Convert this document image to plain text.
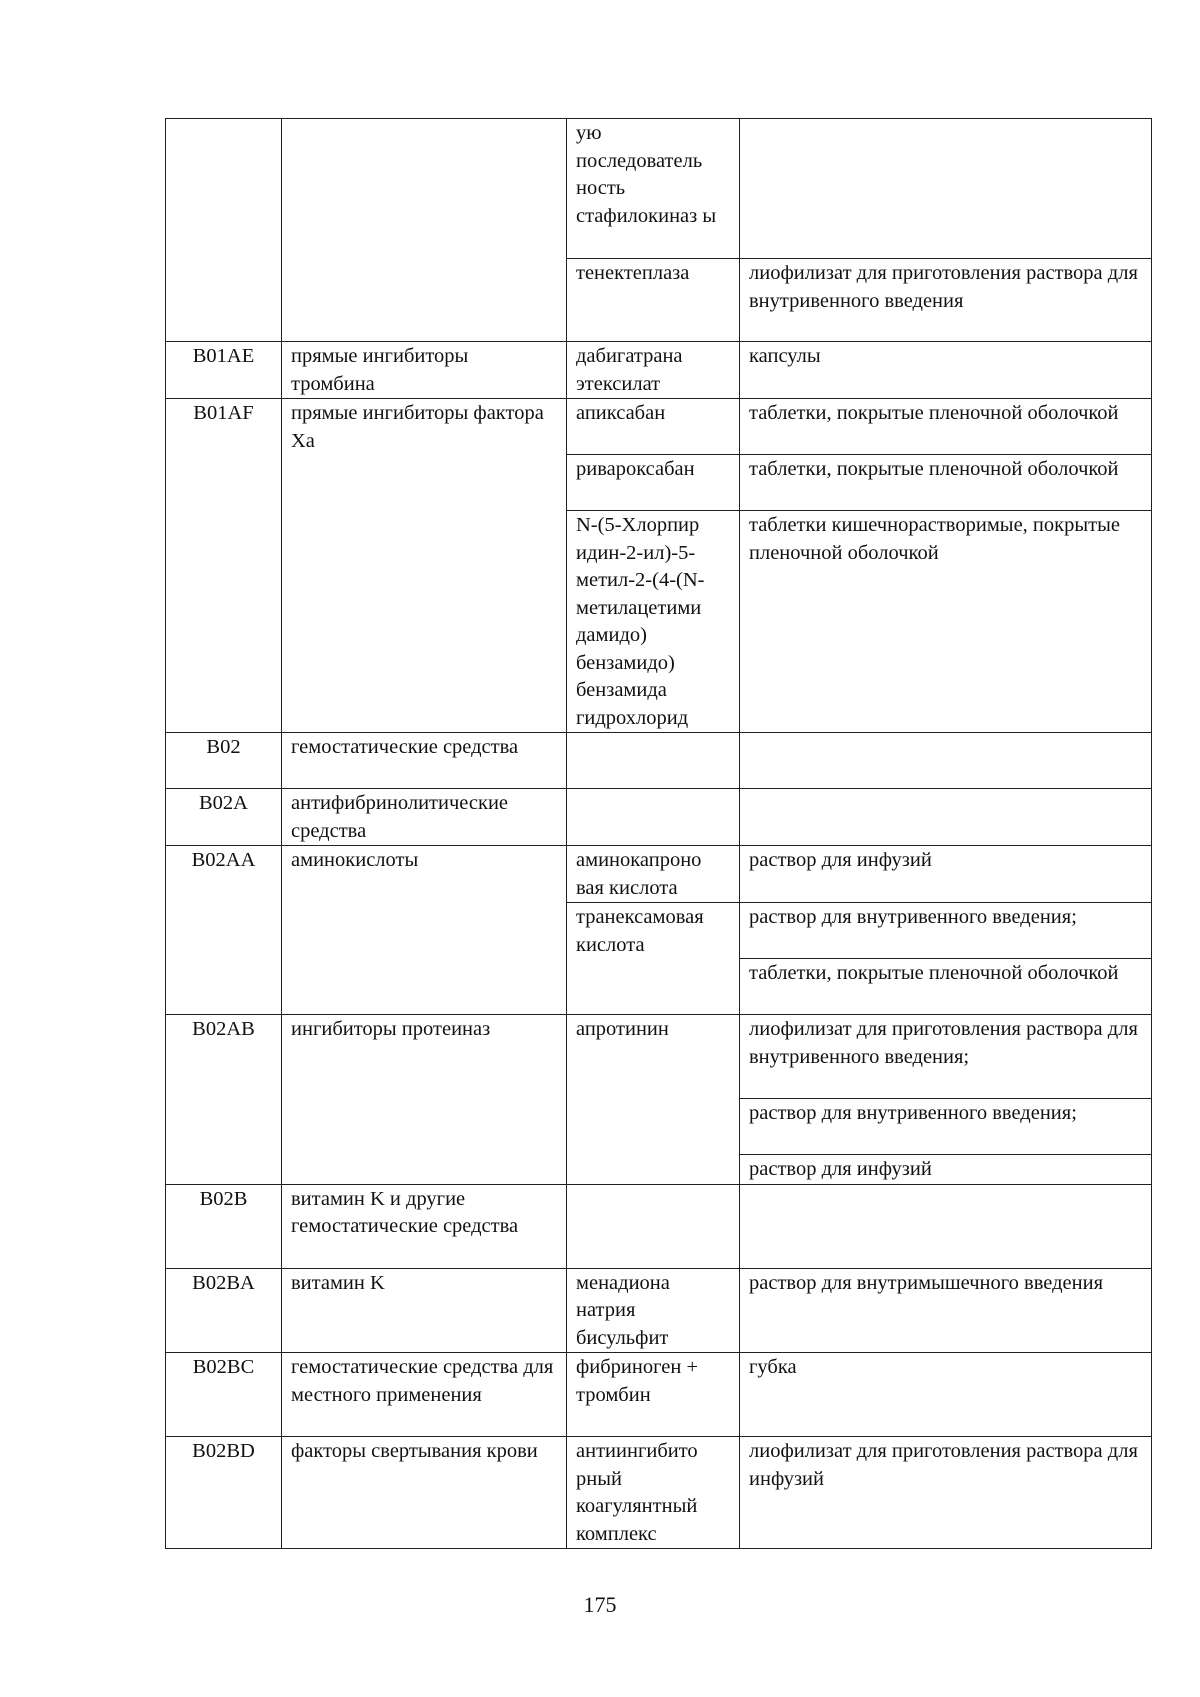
		ую последователь ность стафилокиназ ы	
		тенектеплаза	лиофилизат для приготовления раствора для внутривенного введения
B01AE	прямые ингибиторы тромбина	дабигатрана этексилат	капсулы
B01AF	прямые ингибиторы фактора Xa	апиксабан	таблетки, покрытые пленочной оболочкой
		ривароксабан	таблетки, покрытые пленочной оболочкой
		N-(5-Хлорпир идин-2-ил)-5- метил-2-(4-(N- метилацетими дамидо) бензамидо) бензамида гидрохлорид	таблетки кишечнорастворимые, покрытые пленочной оболочкой
B02	гемостатические средства		
B02A	антифибринолитические средства		
B02AA	аминокислоты	аминокапроно вая кислота	раствор для инфузий
		транексамовая кислота	раствор для внутривенного введения;
			таблетки, покрытые пленочной оболочкой
B02AB	ингибиторы протеиназ	апротинин	лиофилизат для приготовления раствора для внутривенного введения;
			раствор для внутривенного введения;
			раствор для инфузий
B02B	витамин K и другие гемостатические средства		
B02BA	витамин K	менадиона натрия бисульфит	раствор для внутримышечного введения
B02BC	гемостатические средства для местного применения	фибриноген + тромбин	губка
B02BD	факторы свертывания крови	антиингибито рный коагулянтный комплекс	лиофилизат для приготовления раствора для инфузий
175
